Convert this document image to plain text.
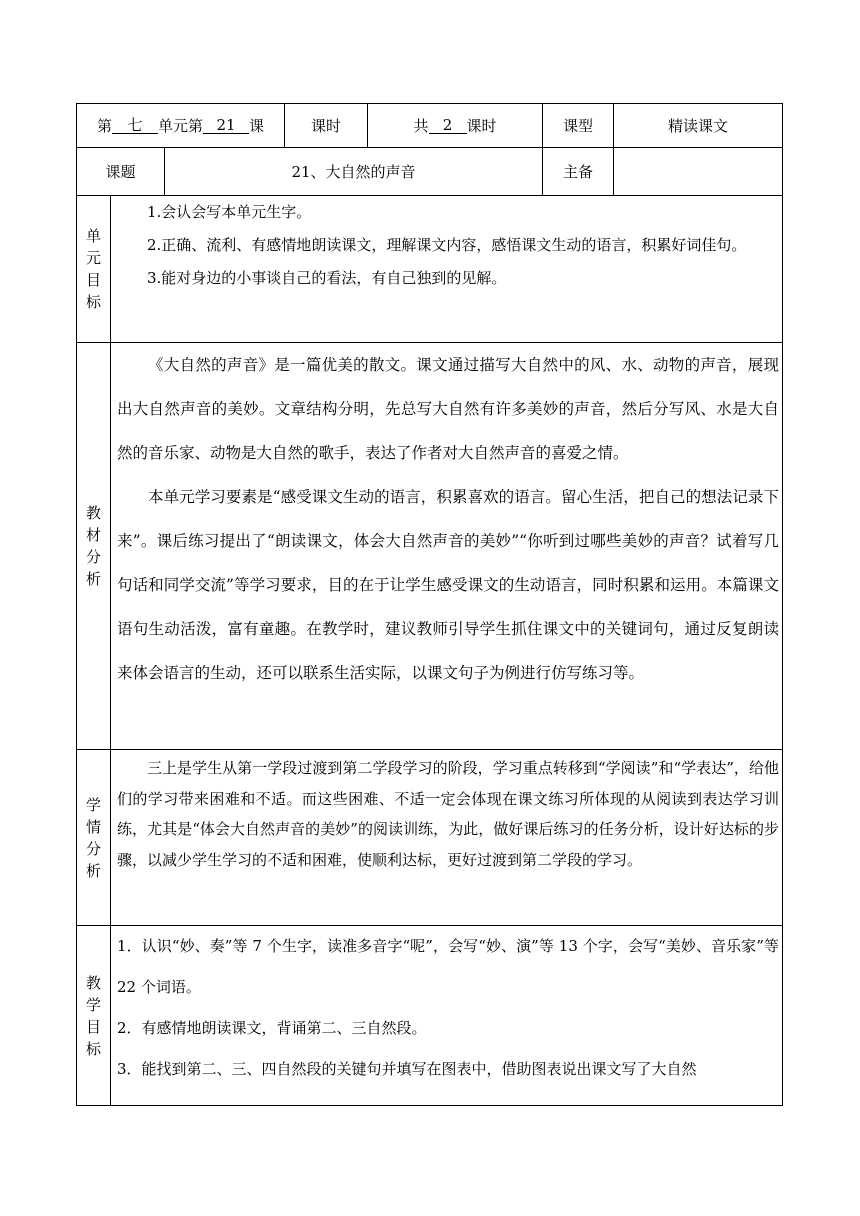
第	七	单元第 21 课	课时	共 2 课时	课型	精读课文
课题	21、大自然的声音	主备
单元目标

1.会认会写本单元生字。

2.正确、流利、有感情地朗读课文，理解课文内容，感悟课文生动的语言，积累好词佳句。

3.能对身边的小事谈自己的看法，有自己独到的见解。

教材分析

《大自然的声音》是一篇优美的散文。课文通过描写大自然中的风、水、动物的声音，展现出大自然声音的美妙。文章结构分明，先总写大自然有许多美妙的声音，然后分写风、水是大自然的音乐家、动物是大自然的歌手，表达了作者对大自然声音的喜爱之情。

本单元学习要素是“感受课文生动的语言，积累喜欢的语言。留心生活，把自己的想法记录下来”。课后练习提出了“朗读课文，体会大自然声音的美妙”“你听到过哪些美妙的声音？试着写几句话和同学交流”等学习要求，目的在于让学生感受课文的生动语言，同时积累和运用。本篇课文语句生动活泼，富有童趣。在教学时，建议教师引导学生抓住课文中的关键词句，通过反复朗读来体会语言的生动，还可以联系生活实际，以课文句子为例进行仿写练习等。

学情分析

三上是学生从第一学段过渡到第二学段学习的阶段，学习重点转移到“学阅读”和“学表达”，给他们的学习带来困难和不适。而这些困难、不适一定会体现在课文练习所体现的从阅读到表达学习训练，尤其是“体会大自然声音的美妙”的阅读训练，为此，做好课后练习的任务分析，设计好达标的步骤，以减少学生学习的不适和困难，使顺利达标，更好过渡到第二学段的学习。

教学目标

1．认识“妙、奏”等 7 个生字，读准多音字“呢”，会写“妙、演”等 13 个字，会写“美妙、音乐家”等 22 个词语。

2．有感情地朗读课文，背诵第二、三自然段。

3．能找到第二、三、四自然段的关键句并填写在图表中，借助图表说出课文写了大自然
